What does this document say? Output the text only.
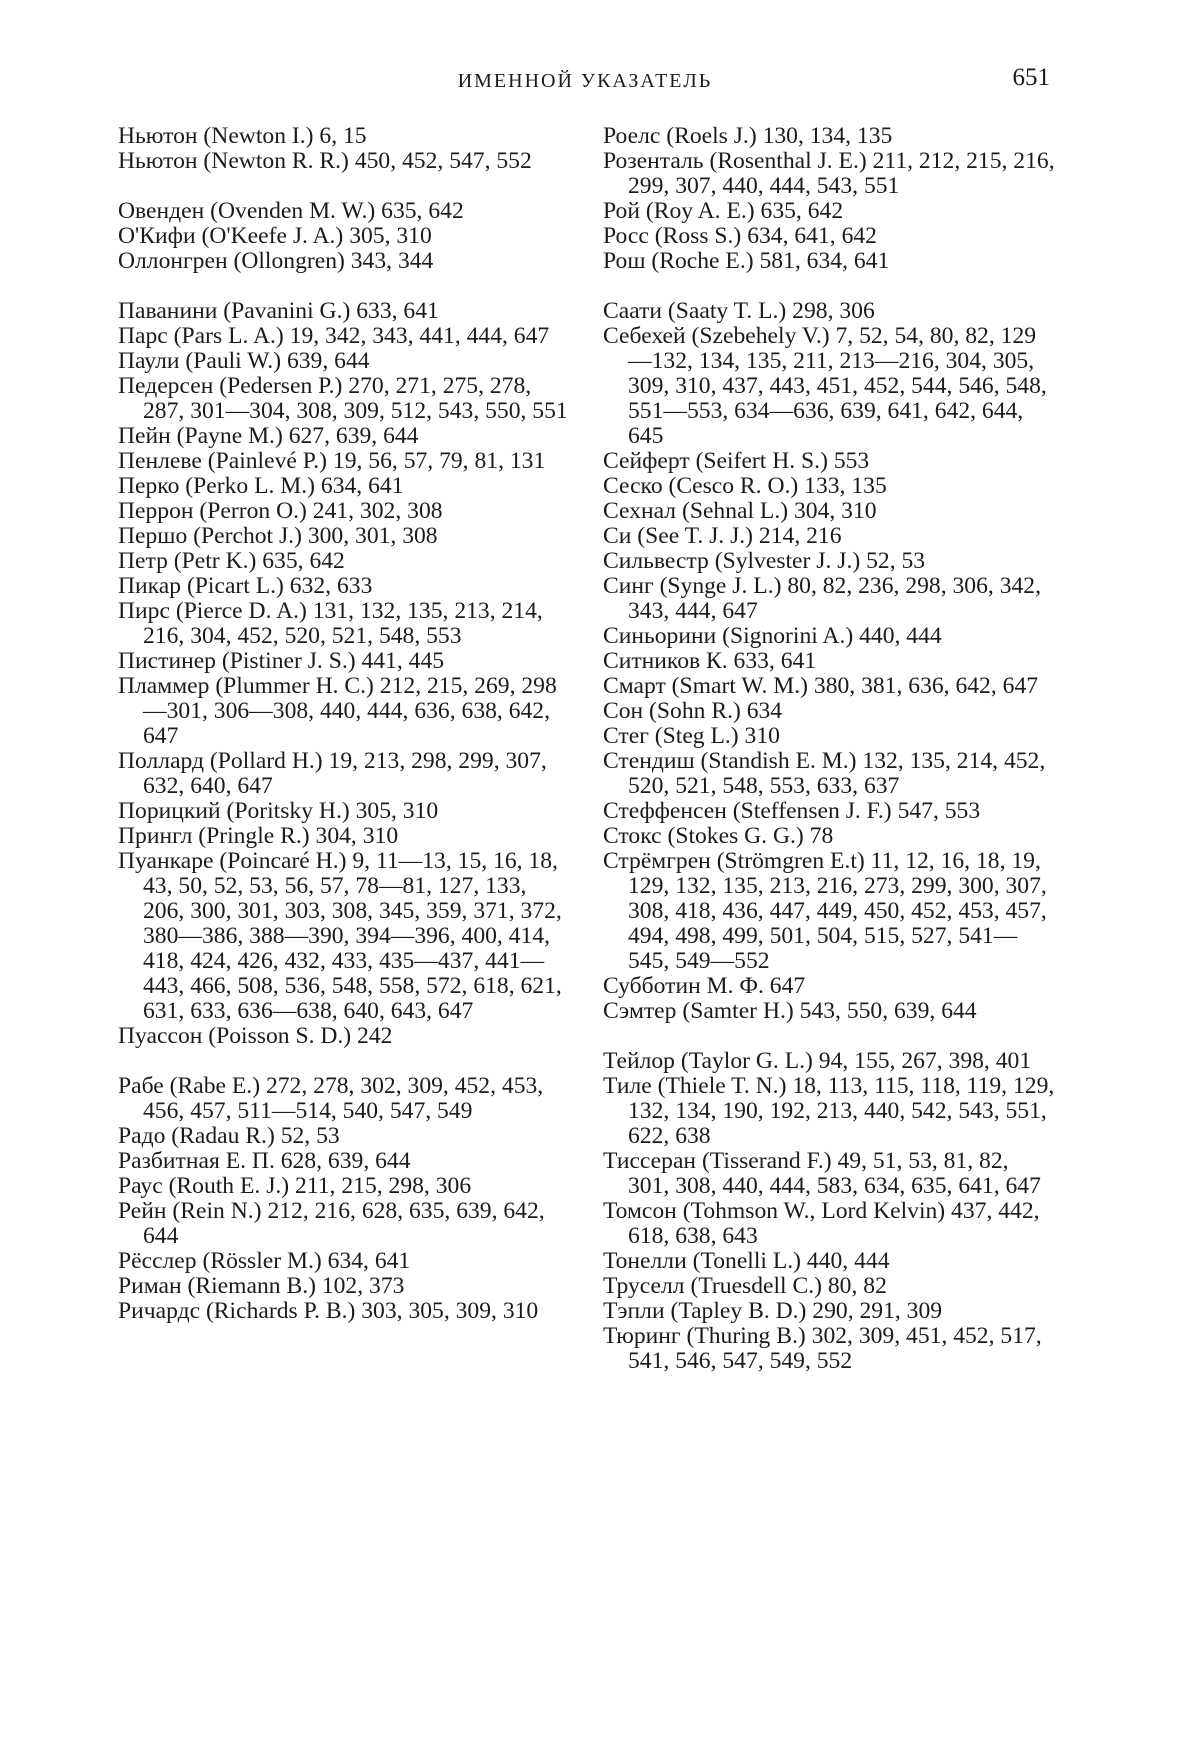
ИМЕННОЙ УКАЗАТЕЛЬ	651

Ньютон (Newton I.) 6, 15

Ньютон (Newton R. R.) 450, 452, 547, 552

Овенден (Ovenden M. W.) 635, 642

О'Кифи (O'Keefe J. A.) 305, 310

Оллонгрен (Ollongren) 343, 344

Паванини (Pavanini G.) 633, 641

Парс (Pars L. A.) 19, 342, 343, 441, 444, 647

Паули (Pauli W.) 639, 644

Педерсен (Pedersen P.) 270, 271, 275, 278, 287, 301—304, 308, 309, 512, 543, 550, 551

Пейн (Payne M.) 627, 639, 644

Пенлеве (Painlevé P.) 19, 56, 57, 79, 81, 131

Перко (Perko L. M.) 634, 641

Перрон (Perron O.) 241, 302, 308

Першо (Perchot J.) 300, 301, 308

Петр (Petr K.) 635, 642

Пикар (Picart L.) 632, 633

Пирс (Pierce D. A.) 131, 132, 135, 213, 214, 216, 304, 452, 520, 521, 548, 553

Пистинер (Pistiner J. S.) 441, 445

Пламмер (Plummer H. C.) 212, 215, 269, 298—301, 306—308, 440, 444, 636, 638, 642, 647

Поллард (Pollard H.) 19, 213, 298, 299, 307, 632, 640, 647

Порицкий (Poritsky H.) 305, 310

Прингл (Pringle R.) 304, 310

Пуанкаре (Poincaré H.) 9, 11—13, 15, 16, 18, 43, 50, 52, 53, 56, 57, 78—81, 127, 133, 206, 300, 301, 303, 308, 345, 359, 371, 372, 380—386, 388—390, 394—396, 400, 414, 418, 424, 426, 432, 433, 435—437, 441—443, 466, 508, 536, 548, 558, 572, 618, 621, 631, 633, 636—638, 640, 643, 647

Пуассон (Poisson S. D.) 242

Рабе (Rabe E.) 272, 278, 302, 309, 452, 453, 456, 457, 511—514, 540, 547, 549

Радо (Radau R.) 52, 53

Разбитная Е. П. 628, 639, 644

Раус (Routh E. J.) 211, 215, 298, 306

Рейн (Rein N.) 212, 216, 628, 635, 639, 642, 644

Рёсслер (Rössler M.) 634, 641

Риман (Riemann B.) 102, 373

Ричардс (Richards P. B.) 303, 305, 309, 310

Роелс (Roels J.) 130, 134, 135

Розенталь (Rosenthal J. E.) 211, 212, 215, 216, 299, 307, 440, 444, 543, 551

Рой (Roy A. E.) 635, 642

Росс (Ross S.) 634, 641, 642

Рош (Roche E.) 581, 634, 641

Саати (Saaty T. L.) 298, 306

Себехей (Szebehely V.) 7, 52, 54, 80, 82, 129—132, 134, 135, 211, 213—216, 304, 305, 309, 310, 437, 443, 451, 452, 544, 546, 548, 551—553, 634—636, 639, 641, 642, 644, 645

Сейферт (Seifert H. S.) 553

Сеско (Cesco R. O.) 133, 135

Сехнал (Sehnal L.) 304, 310

Си (See T. J. J.) 214, 216

Сильвестр (Sylvester J. J.) 52, 53

Синг (Synge J. L.) 80, 82, 236, 298, 306, 342, 343, 444, 647

Синьорини (Signorini A.) 440, 444

Ситников К. 633, 641

Смарт (Smart W. M.) 380, 381, 636, 642, 647

Сон (Sohn R.) 634

Стег (Steg L.) 310

Стендиш (Standish E. M.) 132, 135, 214, 452, 520, 521, 548, 553, 633, 637

Стеффенсен (Steffensen J. F.) 547, 553

Стокс (Stokes G. G.) 78

Стрёмгрен (Strömgren E.t) 11, 12, 16, 18, 19, 129, 132, 135, 213, 216, 273, 299, 300, 307, 308, 418, 436, 447, 449, 450, 452, 453, 457, 494, 498, 499, 501, 504, 515, 527, 541—545, 549—552

Субботин М. Ф. 647

Сэмтер (Samter H.) 543, 550, 639, 644

Тейлор (Taylor G. L.) 94, 155, 267, 398, 401

Тиле (Thiele T. N.) 18, 113, 115, 118, 119, 129, 132, 134, 190, 192, 213, 440, 542, 543, 551, 622, 638

Тиссеран (Tisserand F.) 49, 51, 53, 81, 82, 301, 308, 440, 444, 583, 634, 635, 641, 647

Томсон (Tohmson W., Lord Kelvin) 437, 442, 618, 638, 643

Тонелли (Tonelli L.) 440, 444

Труселл (Truesdell C.) 80, 82

Тэпли (Tapley B. D.) 290, 291, 309

Тюринг (Thuring B.) 302, 309, 451, 452, 517, 541, 546, 547, 549, 552
